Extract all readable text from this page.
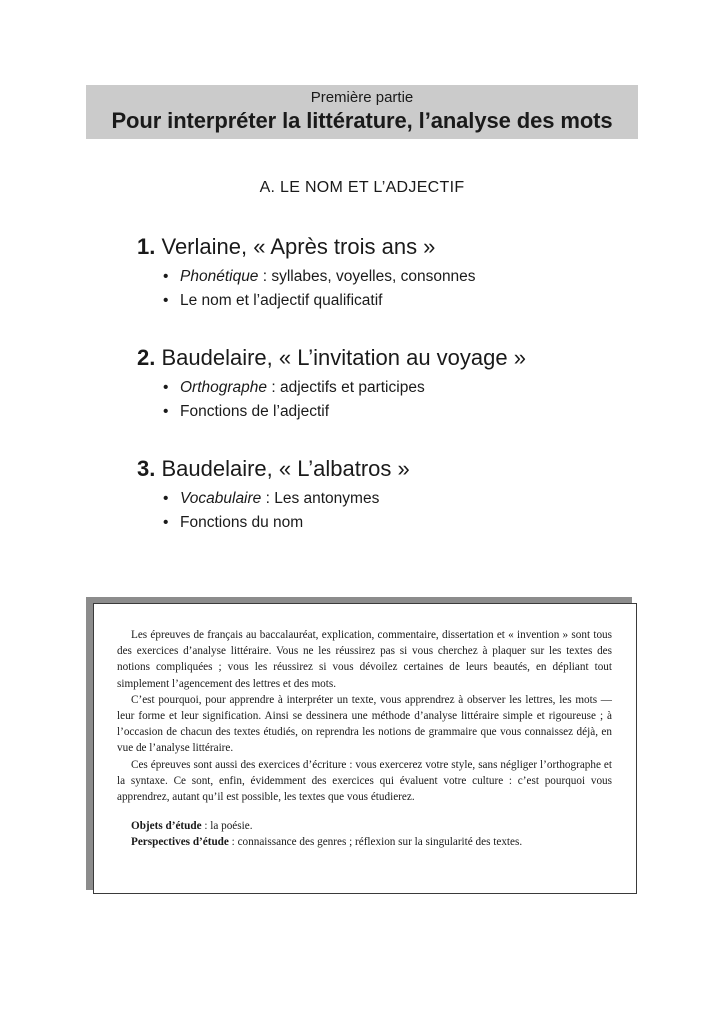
Première partie
Pour interpréter la littérature, l’analyse des mots
A. LE NOM ET L’ADJECTIF
1. Verlaine, « Après trois ans »
• Phonétique : syllabes, voyelles, consonnes
• Le nom et l’adjectif qualificatif
2. Baudelaire, « L’invitation au voyage »
• Orthographe : adjectifs et participes
• Fonctions de l’adjectif
3. Baudelaire, « L’albatros »
• Vocabulaire : Les antonymes
• Fonctions du nom

Les épreuves de français au baccalauréat, explication, commentaire, dissertation et « invention » sont tous des exercices d’analyse littéraire. Vous ne les réussirez pas si vous cherchez à plaquer sur les textes des notions compliquées ; vous les réussirez si vous dévoilez certaines de leurs beautés, en dépliant tout simplement l’agencement des lettres et des mots.

C’est pourquoi, pour apprendre à interpréter un texte, vous apprendrez à observer les lettres, les mots — leur forme et leur signification. Ainsi se dessinera une méthode d’analyse littéraire simple et rigoureuse ; à l’occasion de chacun des textes étudiés, on reprendra les notions de grammaire que vous connaissez déjà, en vue de l’analyse littéraire.

Ces épreuves sont aussi des exercices d’écriture : vous exercerez votre style, sans négliger l’orthographe et la syntaxe. Ce sont, enfin, évidemment des exercices qui évaluent votre culture : c’est pourquoi vous apprendrez, autant qu’il est possible, les textes que vous étudierez.

Objets d’étude : la poésie.
Perspectives d’étude : connaissance des genres ; réflexion sur la singularité des textes.
